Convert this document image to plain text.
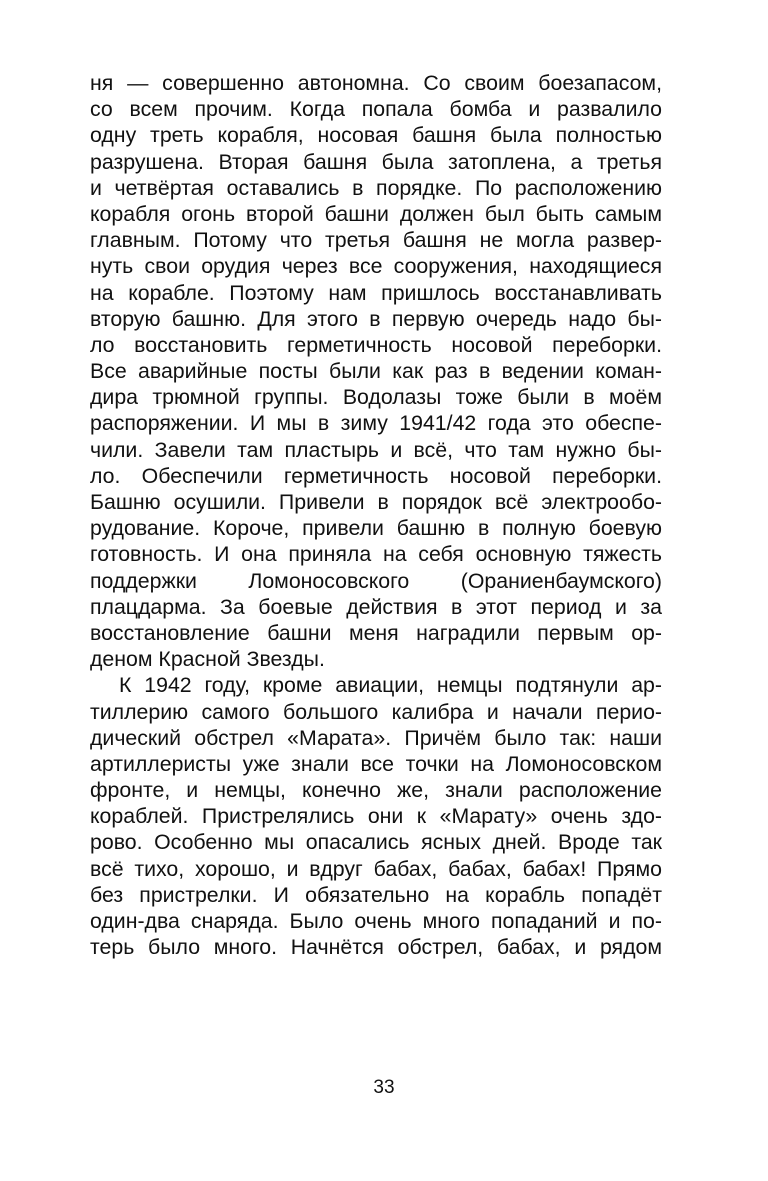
ня — совершенно автономна. Со своим боезапасом,
со всем прочим. Когда попала бомба и развалило
одну треть корабля, носовая башня была полностью
разрушена. Вторая башня была затоплена, а третья
и четвёртая оставались в порядке. По расположению
корабля огонь второй башни должен был быть самым
главным. Потому что третья башня не могла развер-
нуть свои орудия через все сооружения, находящиеся
на корабле. Поэтому нам пришлось восстанавливать
вторую башню. Для этого в первую очередь надо бы-
ло восстановить герметичность носовой переборки.
Все аварийные посты были как раз в ведении коман-
дира трюмной группы. Водолазы тоже были в моём
распоряжении. И мы в зиму 1941/42 года это обеспе-
чили. Завели там пластырь и всё, что там нужно бы-
ло. Обеспечили герметичность носовой переборки.
Башню осушили. Привели в порядок всё электрообо-
рудование. Короче, привели башню в полную боевую
готовность. И она приняла на себя основную тяжесть
поддержки Ломоносовского (Ораниенбаумского)
плацдарма. За боевые действия в этот период и за
восстановление башни меня наградили первым ор-
деном Красной Звезды.
К 1942 году, кроме авиации, немцы подтянули ар-
тиллерию самого большого калибра и начали перио-
дический обстрел «Марата». Причём было так: наши
артиллеристы уже знали все точки на Ломоносовском
фронте, и немцы, конечно же, знали расположение
кораблей. Пристрелялись они к «Марату» очень здо-
рово. Особенно мы опасались ясных дней. Вроде так
всё тихо, хорошо, и вдруг бабах, бабах, бабах! Прямо
без пристрелки. И обязательно на корабль попадёт
один-два снаряда. Было очень много попаданий и по-
терь было много. Начнётся обстрел, бабах, и рядом
33
